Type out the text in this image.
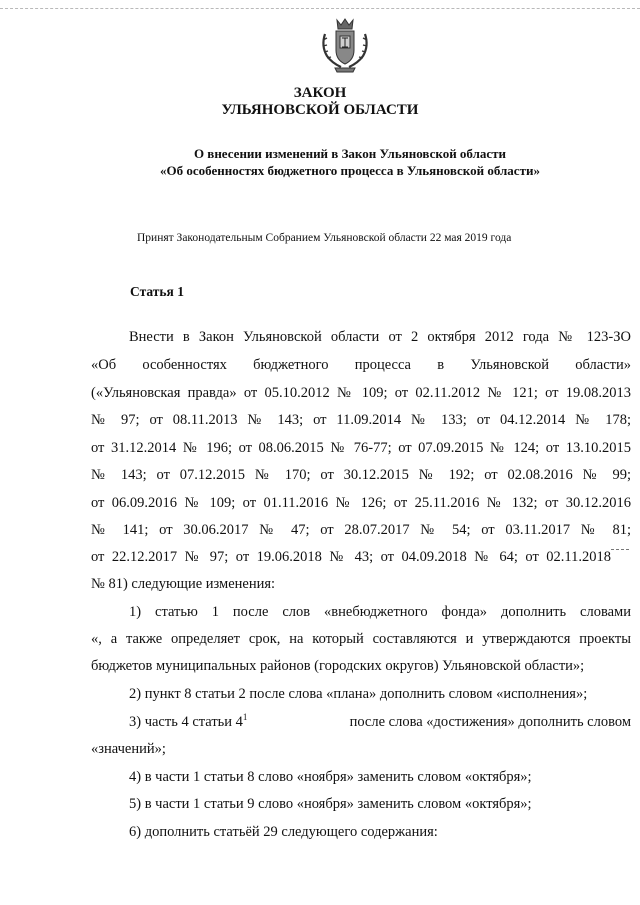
ЗАКОН
УЛЬЯНОВСКОЙ ОБЛАСТИ
О внесении изменений в Закон Ульяновской области
«Об особенностях бюджетного процесса в Ульяновской области»
Принят Законодательным Собранием Ульяновской области 22 мая 2019 года
Статья 1
Внести в Закон Ульяновской области от 2 октября 2012 года № 123-ЗО
«Об особенностях бюджетного процесса в Ульяновской области»
(«Ульяновская правда» от 05.10.2012 № 109; от 02.11.2012 № 121; от 19.08.2013
№ 97; от 08.11.2013 № 143; от 11.09.2014 № 133; от 04.12.2014 № 178;
от 31.12.2014 № 196; от 08.06.2015 № 76-77; от 07.09.2015 № 124; от 13.10.2015
№ 143; от 07.12.2015 № 170; от 30.12.2015 № 192; от 02.08.2016 № 99;
от 06.09.2016 № 109; от 01.11.2016 № 126; от 25.11.2016 № 132; от 30.12.2016
№ 141; от 30.06.2017 № 47; от 28.07.2017 № 54; от 03.11.2017 № 81;
от 22.12.2017 № 97; от 19.06.2018 № 43; от 04.09.2018 № 64; от 02.11.2018
№ 81) следующие изменения:
1) статью 1 после слов «внебюджетного фонда» дополнить словами
«, а также определяет срок, на который составляются и утверждаются проекты
бюджетов муниципальных районов (городских округов) Ульяновской области»;
2) пункт 8 статьи 2 после слова «плана» дополнить словом «исполнения»;
3) часть 4 статьи $4^1$	после слова «достижения» дополнить словом
«значений»;
4) в части 1 статьи 8 слово «ноября» заменить словом «октября»;
5) в части 1 статьи 9 слово «ноября» заменить словом «октября»;
6) дополнить статьёй 29 следующего содержания:
